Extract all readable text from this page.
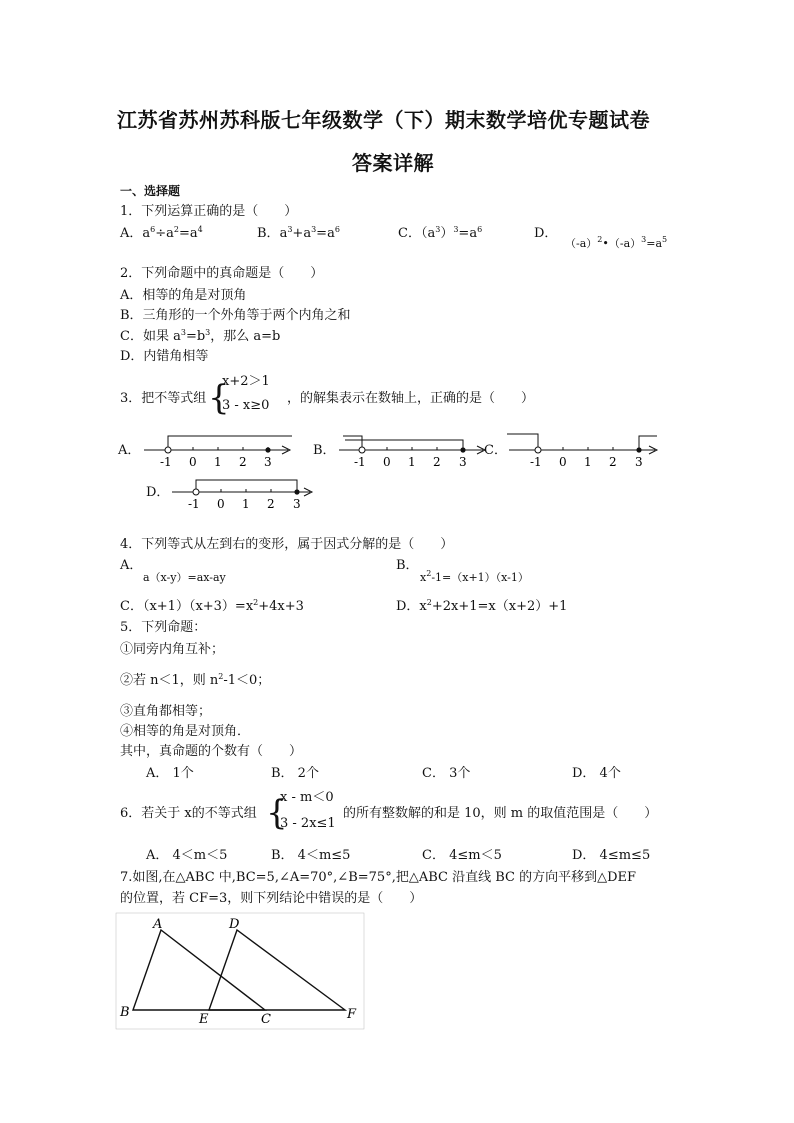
江苏省苏州苏科版七年级数学（下）期末数学培优专题试卷
答案详解
一、选择题
1．下列运算正确的是（　　）
A．$a^6\div a^2=a^4$	B．$a^3+a^3=a^6$	C．$(a^3)^3=a^6$	D．
$(-a)^2•(-a)^3=a^5$
2．下列命题中的真命题是（　　）
A．相等的角是对顶角
B．三角形的一个外角等于两个内角之和
C．如果 $a^3=b^3$，那么 a=b
D．内错角相等
3．把不等式组 {
x+2＞1
3 - x≥0 ，的解集表示在数轴上，正确的是（　　）
A．
-1 0 1 2 3
B．
-1 0 1 2 3
C．
-1 0 1 2 3
D．
-1 0 1 2 3
4．下列等式从左到右的变形，属于因式分解的是（　　）
A．
a（x-y）=ax-ay
B．
$x^2-1=(x+1)(x-1)$
C．$(x+1)(x+3)=x^2+4x+3$	D．$x^2+2x+1=x(x+2)+1$
5．下列命题：
①同旁内角互补；
②若 n＜1，则 $n^2-1<0$；
③直角都相等；
④相等的角是对顶角．
其中，真命题的个数有（　　）
A． 1个	B． 2个	C． 3个	D． 4个
6．若关于 x的不等式组 {
x - m＜0
3 - 2x≤1
的所有整数解的和是 10，则 m 的取值范围是（　　）
A． 4＜m＜5	B． 4＜m≤5	C． 4≤m＜5	D． 4≤m≤5
7.如图,在△ABC 中,BC=5,∠A=70°,∠B=75°,把△ABC 沿直线 BC 的方向平移到△DEF
的位置，若 CF=3，则下列结论中错误的是（　　）
A
B	C
D
E	F
